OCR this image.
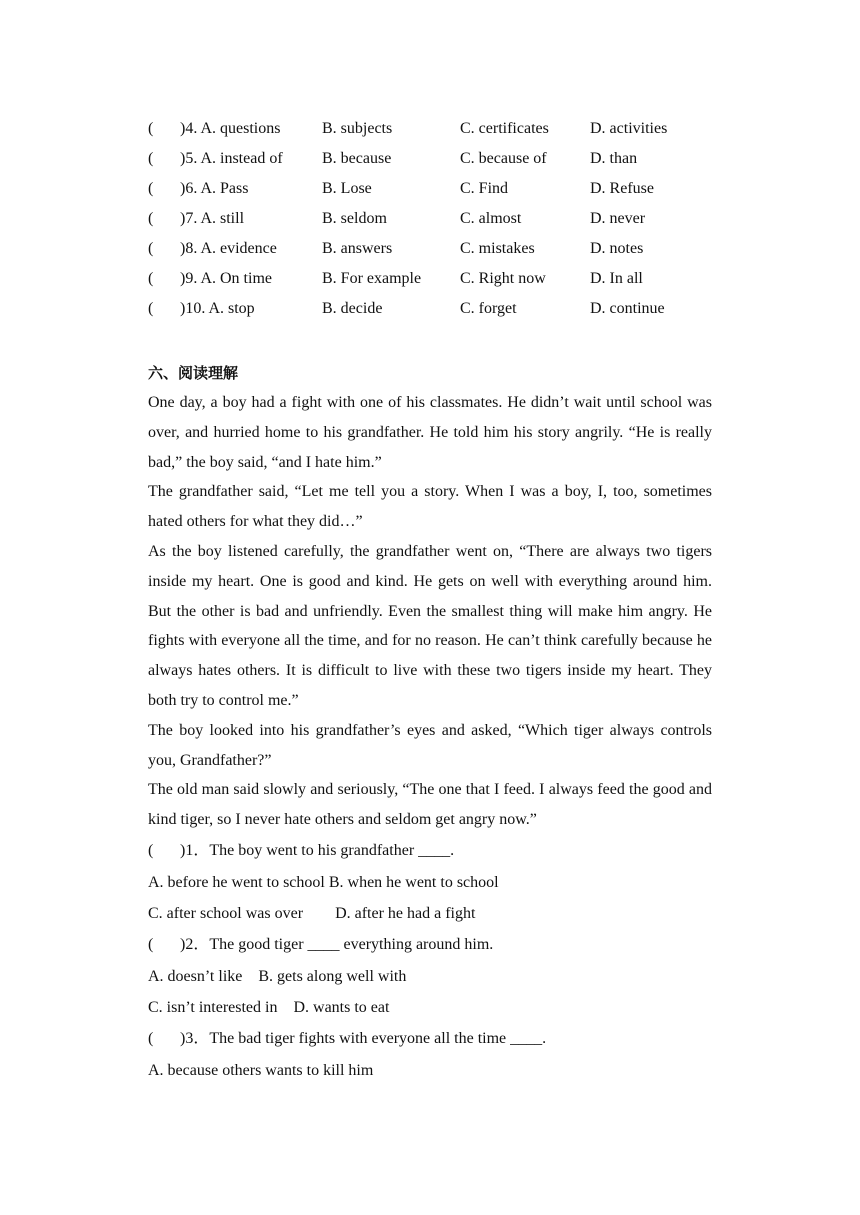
( )4. A. questions	B. subjects	C. certificates	D. activities
( )5. A. instead of B. because	C. because of	D. than
( )6. A. Pass	B. Lose	C. Find	D. Refuse
( )7. A. still	B. seldom	C. almost	D. never
( )8. A. evidence	B. answers	C. mistakes	D. notes
( )9. A. On time	B. For example C. Right now	D. In all
( )10. A. stop	B. decide	C. forget	D. continue
六、阅读理解

One day, a boy had a fight with one of his classmates. He didn’t wait until school was over, and hurried home to his grandfather. He told him his story angrily. “He is really bad,” the boy said, “and I hate him.”

The grandfather said, “Let me tell you a story. When I was a boy, I, too, sometimes hated others for what they did…”

As the boy listened carefully, the grandfather went on, “There are always two tigers inside my heart. One is good and kind. He gets on well with everything around him. But the other is bad and unfriendly. Even the smallest thing will make him angry. He fights with everyone all the time, and for no reason. He can’t think carefully because he always hates others. It is difficult to live with these two tigers inside my heart. They both try to control me.”

The boy looked into his grandfather’s eyes and asked, “Which tiger always controls you, Grandfather?”

The old man said slowly and seriously, “The one that I feed. I always feed the good and kind tiger, so I never hate others and seldom get angry now.”

( )1．The boy went to his grandfather ____.
A. before he went to school B. when he went to school
C. after school was over        D. after he had a fight
( )2．The good tiger ____ everything around him.
A. doesn’t like    B. gets along well with
C. isn’t interested in    D. wants to eat
( )3．The bad tiger fights with everyone all the time ____.
A. because others wants to kill him
